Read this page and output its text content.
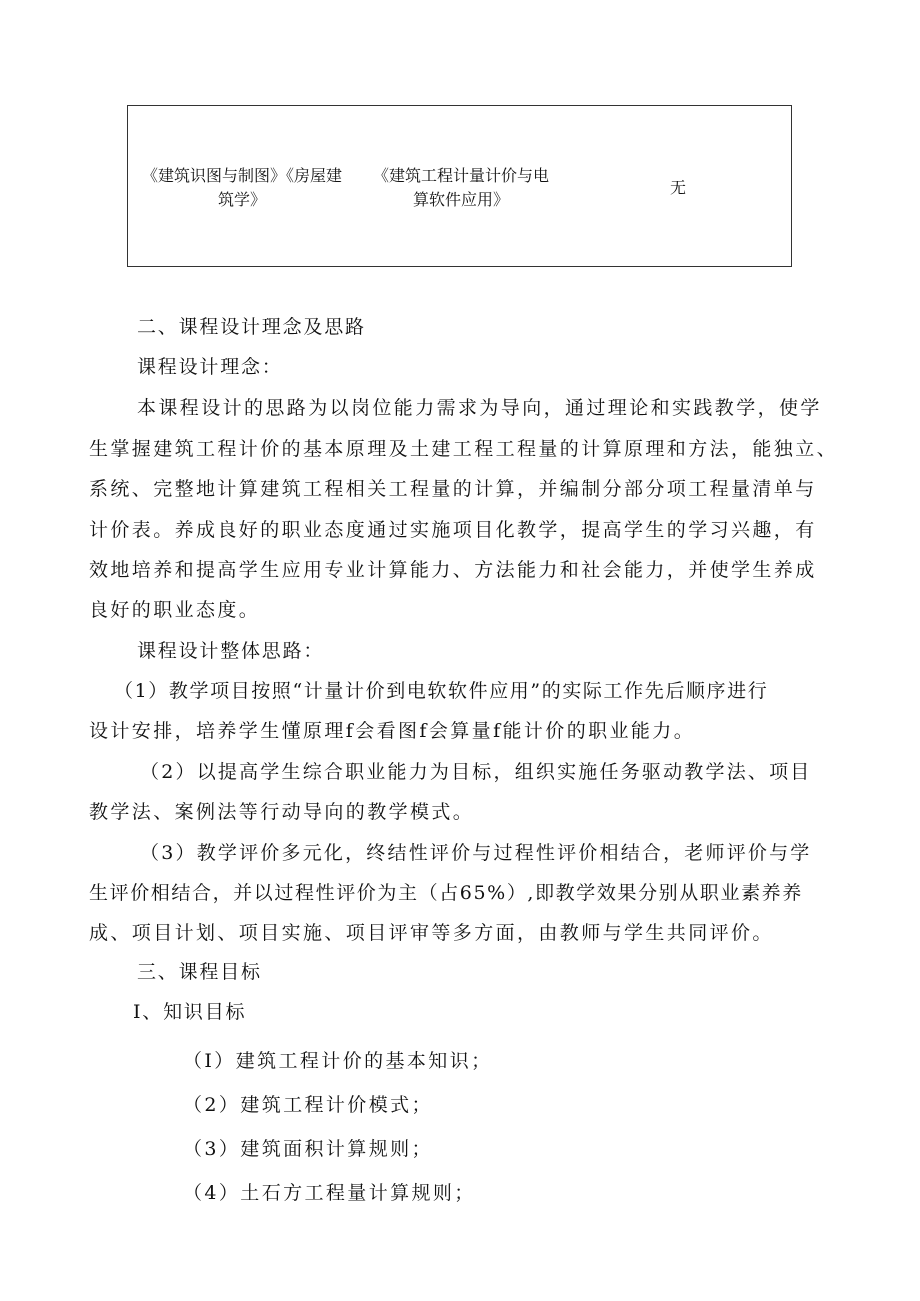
《建筑识图与制图》《房屋建
筑学》
《建筑工程计量计价与电
算软件应用》
无
二、课程设计理念及思路
课程设计理念：
本课程设计的思路为以岗位能力需求为导向，通过理论和实践教学，使学
生掌握建筑工程计价的基本原理及土建工程工程量的计算原理和方法，能独立、
系统、完整地计算建筑工程相关工程量的计算，并编制分部分项工程量清单与
计价表。养成良好的职业态度通过实施项目化教学，提高学生的学习兴趣，有
效地培养和提高学生应用专业计算能力、方法能力和社会能力，并使学生养成
良好的职业态度。
课程设计整体思路：
（1）教学项目按照“计量计价到电软软件应用”的实际工作先后顺序进行
设计安排，培养学生懂原理f会看图f会算量f能计价的职业能力。
（2）以提高学生综合职业能力为目标，组织实施任务驱动教学法、项目
教学法、案例法等行动导向的教学模式。
（3）教学评价多元化，终结性评价与过程性评价相结合，老师评价与学
生评价相结合，并以过程性评价为主（占65%）,即教学效果分别从职业素养养
成、项目计划、项目实施、项目评审等多方面，由教师与学生共同评价。
三、课程目标
I、知识目标
（I）建筑工程计价的基本知识；
（2）建筑工程计价模式；
（3）建筑面积计算规则；
（4）土石方工程量计算规则；
